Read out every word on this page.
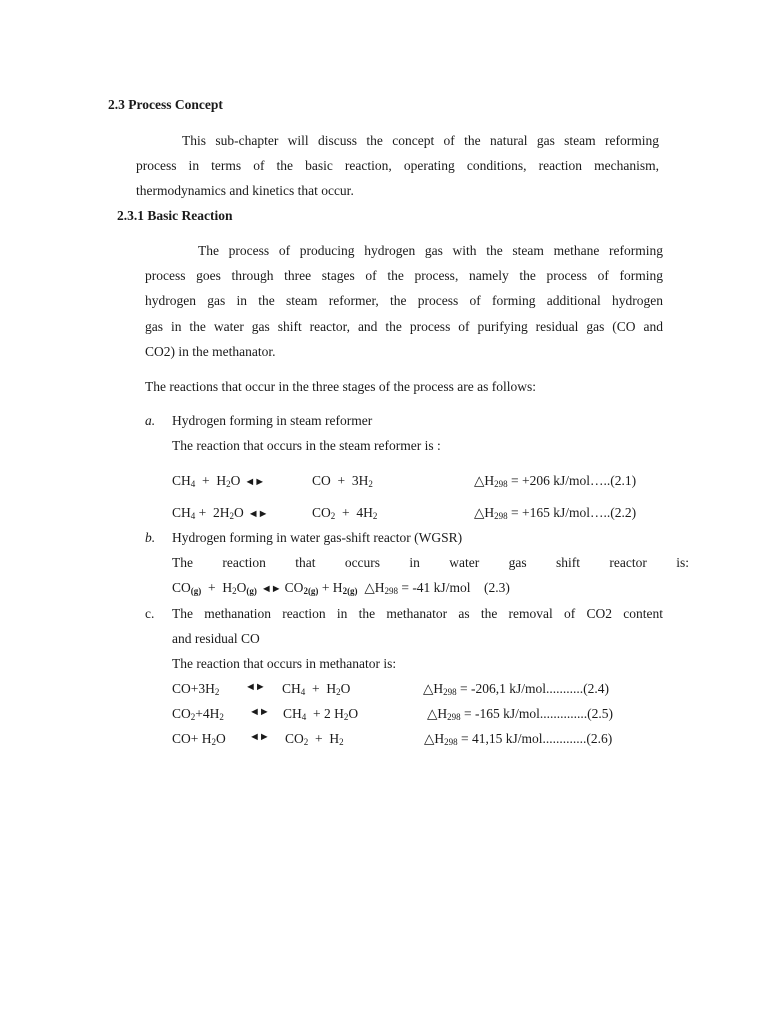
2.3 Process Concept
This sub-chapter will discuss the concept of the natural gas steam reforming
process in terms of the basic reaction, operating conditions, reaction mechanism,
thermodynamics and kinetics that occur.
2.3.1 Basic Reaction
The process of producing hydrogen gas with the steam methane reforming
process goes through three stages of the process, namely the process of forming
hydrogen gas in the steam reformer, the process of forming additional hydrogen
gas in the water gas shift reactor, and the process of purifying residual gas (CO and
CO2) in the methanator.
The reactions that occur in the three stages of the process are as follows:
a. Hydrogen forming in steam reformer
The reaction that occurs in the steam reformer is :
$CH_4 + H_2O$ ◄►	CO  +  $3H_2$	$\triangle H_{298} = +206$ kJ/mol…..(2.1)
$CH_4 + 2H_2O$ ◄►	$CO_2 + 4H_2$	$\triangle H_{298} = +165$ kJ/mol…..(2.2)
b. Hydrogen forming in water gas-shift reactor (WGSR)
The reaction that occurs in water gas shift reactor is:
$CO_{(g)} + H_2O_{(g)}$ ◄► $CO_{2(g)} + H_{2(g)}$  $\triangle H_{298} = -41$ kJ/mol (2.3)
c. The methanation reaction in the methanator as the removal of CO2 content
and residual CO
The reaction that occurs in methanator is:
$CO+3H_2$ ◄► $CH_4 + H_2O$	$\triangle H_{298} = -206,1$ kJ/mol...........(2.4)
$CO_2+4H_2$ ◄► $CH_4 + 2$ $H_2O$	$\triangle H_{298} = -165$ kJ/mol..............(2.5)
$CO+ H_2O$ ◄► $CO_2 + H_2$	$\triangle H_{298} = 41,15$ kJ/mol.............(2.6)
